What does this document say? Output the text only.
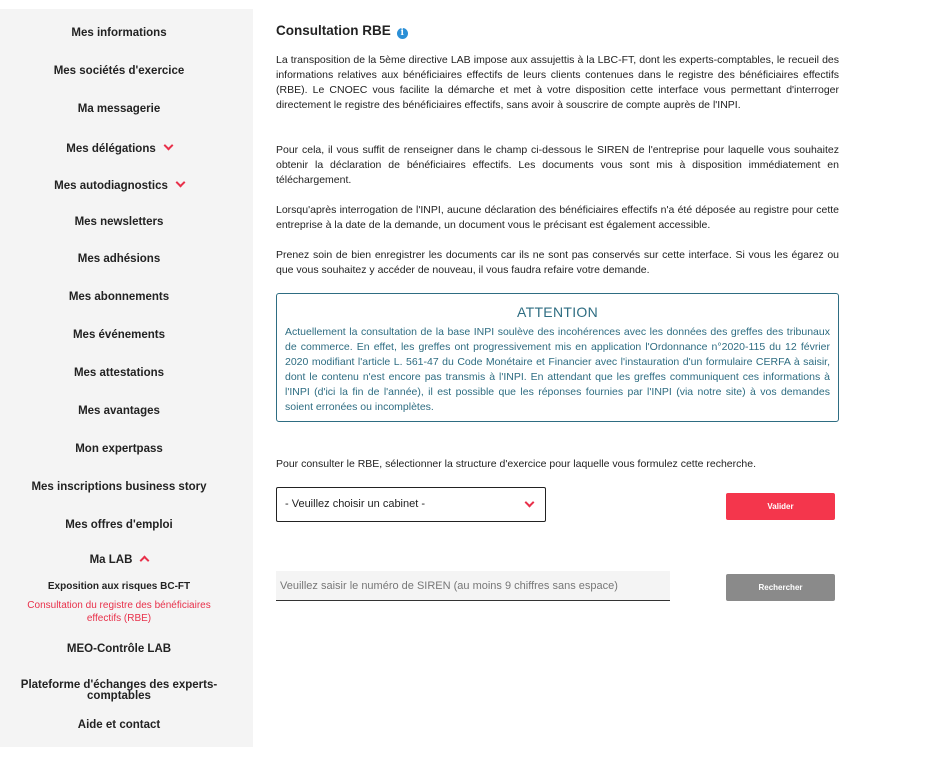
Mes informations
Mes sociétés d'exercice
Ma messagerie
Mes délégations
Mes autodiagnostics
Mes newsletters
Mes adhésions
Mes abonnements
Mes événements
Mes attestations
Mes avantages
Mon expertpass
Mes inscriptions business story
Mes offres d'emploi
Ma LAB
Exposition aux risques BC-FT
Consultation du registre des bénéficiaires effectifs (RBE)
MEO-Contrôle LAB
Plateforme d'échanges des experts-comptables
Aide et contact
Consultation RBE i

La transposition de la 5ème directive LAB impose aux assujettis à la LBC-FT, dont les experts-comptables, le recueil des informations relatives aux bénéficiaires effectifs de leurs clients contenues dans le registre des bénéficiaires effectifs (RBE). Le CNOEC vous facilite la démarche et met à votre disposition cette interface vous permettant d'interroger directement le registre des bénéficiaires effectifs, sans avoir à souscrire de compte auprès de l'INPI.

Pour cela, il vous suffit de renseigner dans le champ ci-dessous le SIREN de l'entreprise pour laquelle vous souhaitez obtenir la déclaration de bénéficiaires effectifs. Les documents vous sont mis à disposition immédiatement en téléchargement.

Lorsqu'après interrogation de l'INPI, aucune déclaration des bénéficiaires effectifs n'a été déposée au registre pour cette entreprise à la date de la demande, un document vous le précisant est également accessible.

Prenez soin de bien enregistrer les documents car ils ne sont pas conservés sur cette interface. Si vous les égarez ou que vous souhaitez y accéder de nouveau, il vous faudra refaire votre demande.

ATTENTION
Actuellement la consultation de la base INPI soulève des incohérences avec les données des greffes des tribunaux de commerce. En effet, les greffes ont progressivement mis en application l'Ordonnance n°2020-115 du 12 février 2020 modifiant l'article L. 561-47 du Code Monétaire et Financier avec l'instauration d'un formulaire CERFA à saisir, dont le contenu n'est encore pas transmis à l'INPI. En attendant que les greffes communiquent ces informations à l'INPI (d'ici la fin de l'année), il est possible que les réponses fournies par l'INPI (via notre site) à vos demandes soient erronées ou incomplètes.

Pour consulter le RBE, sélectionner la structure d'exercice pour laquelle vous formulez cette recherche.

- Veuillez choisir un cabinet -	Valider
Veuillez saisir le numéro de SIREN (au moins 9 chiffres sans espace)
Rechercher
